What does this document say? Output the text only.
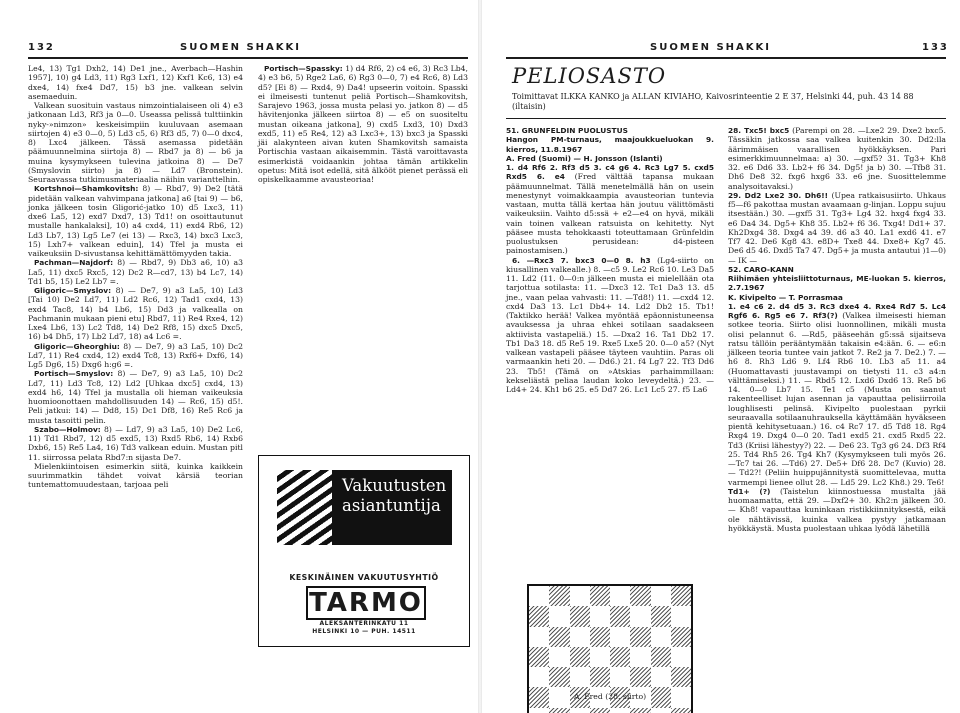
132	SUOMEN SHAKKI

Le4, 13) Tg1 Dxh2, 14) De1 jne., Averbach—Hashin 1957], 10) g4 Ld3, 11) Rg3 Lxf1, 12) Kxf1 Kc6, 13) e4 dxe4, 14) fxe4 Dd7, 15) b3 jne. valkean selvin asemaeduin.

Valkean suosituin vastaus nimzointialaiseen oli 4) e3 jatkonaan Ld3, Rf3 ja 0—0. Useassa pelissä tulttiinkin nyky-»nimzon» keskeisimpiin kuuluvaan asemaan siirtojen 4) e3 0—0, 5) Ld3 c5, 6) Rf3 d5, 7) 0—0 dxc4, 8) Lxc4 jälkeen. Tässä asemassa pidetään päämuunnelmina siirtoja 8) — Rbd7 ja 8) — b6 ja muina kysymykseen tulevina jatkoina 8) — De7 (Smyslovin siirto) ja 8) — Ld7 (Bronstein). Seuraavassa tutkimusmateriaalia näihin varianttelhin.

Kortshnoi—Shamkovitsh: 8) — Rbd7, 9) De2 [tätä pidetään valkean vahvimpana jatkona] a6 [tai 9) — b6, jonka jälkeen tosin Gligorić-jatko 10) d5 Lxc3, 11) dxe6 La5, 12) exd7 Dxd7, 13) Td1! on osoittautunut mustalle hankalaksi], 10) a4 cxd4, 11) exd4 Rb6, 12) Ld3 Lb7, 13) Lg5 Le7 (ei 13) — Rxc3, 14) bxc3 Lxc3, 15) Lxh7+ valkean eduin], 14) Tfel ja musta ei vaikeuksiin D-sivustansa kehittämättömyyden takia.

Pachman—Najdorf: 8) — Rbd7, 9) Db3 a6, 10) a3 La5, 11) dxc5 Rxc5, 12) Dc2 R—cd7, 13) b4 Lc7, 14) Td1 b5, 15) Le2 Lb7 =.

Gligoric—Smyslov: 8) — De7, 9) a3 La5, 10) Ld3 [Tai 10) De2 Ld7, 11) Ld2 Rc6, 12) Tad1 cxd4, 13) exd4 Tac8, 14) b4 Lb6, 15) Dd3 ja valkealla on Pachmanin mukaan pieni etu] Rbd7, 11) Re4 Rxe4, 12) Lxe4 Lb6, 13) Lc2 Td8, 14) De2 Rf8, 15) dxc5 Dxc5, 16) b4 Dh5, 17) Lb2 Ld7, 18) a4 Lc6 =.

Gligoric—Gheorghiu: 8) — De7, 9) a3 La5, 10) Dc2 Ld7, 11) Re4 cxd4, 12) exd4 Tc8, 13) Rxf6+ Dxf6, 14) Lg5 Dg6, 15) Dxg6 h:g6 =.

Portisch—Smyslov: 8) — De7, 9) a3 La5, 10) Dc2 Ld7, 11) Ld3 Tc8, 12) Ld2 [Uhkaa dxc5] cxd4, 13) exd4 h6, 14) Tfel ja mustalla oli hieman vaikeuksia huomioonottaen mahdollisuuden 14) — Rc6, 15) d5!. Peli jatkui: 14) — Dd8, 15) Dc1 Df8, 16) Re5 Rc6 ja musta tasoitti pelin.

Szabo—Holmov: 8) — Ld7, 9) a3 La5, 10) De2 Lc6, 11) Td1 Rbd7, 12) d5 exd5, 13) Rxd5 Rb6, 14) Rxb6 Dxb6, 15) Re5 La4, 16) Td3 valkean eduin. Mustan pitl 11. siirrossa pelata Rbd7:n sijasta De7.

Mielenkiintoisen esimerkin siitä, kuinka kaikkein suurimmatkin tähdet voivat kärsiä teorian tuntemattomuudestaan, tarjoaa peli

Portisch—Spassky: 1) d4 Rf6, 2) c4 e6, 3) Rc3 Lb4, 4) e3 b6, 5) Rge2 La6, 6) Rg3 0—0, 7) e4 Rc6, 8) Ld3 d5? [Ei 8) — Rxd4, 9) Da4! upseerin voitoin. Spasski ei ilmeisesti tuntenut peliä Portisch—Shamkovitsh, Sarajevo 1963, jossa musta pelasi yo. jatkon 8) — d5 hävitenjonka jälkeen siirtoa 8) — e5 on suositeltu mustan oikeana jatkona], 9) cxd5 Lxd3, 10) Dxd3 exd5, 11) e5 Re4, 12) a3 Lxc3+, 13) bxc3 ja Spasski jäi alakynteen aivan kuten Shamkovitsh samaista Portischia vastaan aikaisemmin. Tästä varoittavasta esimerkistä voidaankin johtaa tämän artikkelin opetus: Mitä isot edellä, sitä älkööt pienet perässä eli opiskelkaamme avausteoriaa!

Vakuutusten
asiantuntija
KESKINÄINEN VAKUUTUSYHTIÖ
TARMO
ALEKSANTERINKATU 11
HELSINKI 10 — PUH. 14511
SUOMEN SHAKKI	133
PELIOSASTO
Toimittavat ILKKA KANKO ja ALLAN KIVIAHO, Kaivosrinteentie 2 E 37, Helsinki 44, puh. 43 14 88 (iltaisin)

51. GRUNFELDIN PUOLUSTUS

Hangon PM-turnaus, maajoukkueluokan 9. kierros, 11.8.1967

A. Fred (Suomi) — H. Jonsson (Islanti)

1. d4 Rf6 2. Rf3 d5 3. c4 g6 4. Rc3 Lg7 5. cxd5 Rxd5 6. e4 (Fred välttää tapansa mukaan päämuunnelmat. Tällä menetelmällä hän on usein menestynyt voimakkaampia avausteorian tuntevia vastaan, mutta tällä kertaa hän joutuu välittömästi vaikeuksiin. Vaihto d5:ssä + e2—e4 on hyvä, mikäli vain toinen valkean ratsuista on kehitetty. Nyt pääsee musta tehokkaasti toteuttamaan Grünfeldin puolustuksen perusidean: d4-pisteen painostamisen.)

6. —Rxc3 7. bxc3 0—0 8. h3 (Lg4-siirto on kiusallinen valkealle.) 8. —c5 9. Le2 Rc6 10. Le3 Da5 11. Ld2 (11. 0—0:n jälkeen musta ei mielellään ota tarjottua sotilasta: 11. —Dxc3 12. Tc1 Da3 13. d5 jne., vaan pelaa vahvasti: 11. —Td8!) 11. —cxd4 12. cxd4 Da3 13. Lc1 Db4+ 14. Ld2 Db2 15. Tb1! (Taktikko herää! Valkea myöntää epäonnistuneensa avauksessa ja uhraa ehkei sotilaan saadakseen aktiivista vastapeliä.) 15. —Dxa2 16. Ta1 Db2 17. Tb1 Da3 18. d5 Re5 19. Rxe5 Lxe5 20. 0—0 a5? (Nyt valkean vastapeli pääsee täyteen vauhtiin. Paras oli varmaankin heti 20. — Dd6.) 21. f4 Lg7 22. Tf3 Dd6 23. Tb5! (Tämä on »Atskias parhaimmillaan: kekseliästä peliaa laudan koko leveydeltä.) 23. —Ld4+ 24. Kh1 b6 25. e5 Dd7 26. Lc1 Lc5 27. f5 La6

A. Fred (28. siirto)

28. Txc5! bxc5 (Parempi on 28. —Lxe2 29. Dxe2 bxc5. Tässäkin jatkossa saa valkea kuitenkin 30. Dd2:lla äärimmäisen vaarallisen hyökkäyksen. Pari esimerkkimuunnelmaa: a) 30. —gxf5? 31. Tg3+ Kh8 32. e6 Dd6 33. Lb2+ f6 34. Dg5! ja b) 30. —Tfb8 31. Dh6 De8 32. fxg6 hxg6 33. e6 jne. Suosittelemme analysoitavaksi.)

29. Dd2 Lxe2 30. Dh6!! (Upea ratkaisusiirto. Uhkaus f5—f6 pakottaa mustan avaamaan g-linjan. Loppu sujuu itsestään.) 30. —gxf5 31. Tg3+ Lg4 32. hxg4 fxg4 33. e6 Da4 34. Dg5+ Kh8 35. Lb2+ f6 36. Txg4! Dd1+ 37. Kh2Dxg4 38. Dxg4 a4 39. d6 a3 40. La1 exd6 41. e7 Tf7 42. De6 Kg8 43. e8D+ Txe8 44. Dxe8+ Kg7 45. De6 d5 46. Dxd5 Ta7 47. Dg5+ ja musta antautui )1—0) — IK —

52. CARO-KANN

Riihimäen yhteisliittoturnaus, ME-luokan 5. kierros, 2.7.1967

K. Kivipelto — T. Porrasmaa

1. e4 c6 2. d4 d5 3. Rc3 dxe4 4. Rxe4 Rd7 5. Lc4 Rgf6 6. Rg5 e6 7. Rf3(?) (Valkea ilmeisesti hieman sotkee teoria. Siirto olisi luonnollinen, mikäli musta olisi pelannut 6. —Rd5, pääseehän g5:ssä sijaitseva ratsu tällöin perääntymään takaisin e4:ään. 6. — e6:n jälkeen teoria tuntee vain jatkot 7. Re2 ja 7. De2.) 7. — h6 8. Rh3 Ld6 9. Lf4 Rb6 10. Lb3 a5 11. a4 (Huomattavasti juustavampi on tietysti 11. c3 a4:n välttämiseksi.) 11. — Rbd5 12. Lxd6 Dxd6 13. Re5 b6 14. 0—0 Lb7 15. Te1 c5 (Musta on saanut rakenteelliset lujan asennan ja vapauttaa pelisiirroila loughlisesti pelinsä. Kivipelto puolestaan pyrkii seuraavalla sotilaanuhrauksella käyttämään hyväkseen pientä kehitysetuaan.) 16. c4 Rc7 17. d5 Td8 18. Rg4 Rxg4 19. Dxg4 0—0 20. Tad1 exd5 21. cxd5 Rxd5 22. Td3 (Kriisi lähestyy?) 22. — De6 23. Tg3 g6 24. Df3 Rf4 25. Td4 Rh5 26. Tg4 Kh7 (Kysymykseen tuli myös 26. —Tc7 tai 26. —Td6) 27. De5+ Df6 28. Dc7 (Kuvio) 28. — Td2?! (Peliin huippujännitystä suomittelevaa, mutta varmempi lienee ollut 28. — Ld5 29. Lc2 Kh8.) 29. Te6!

Td1+ (?) (Taistelun kiinnostuessa mustalta jää huomaamatta, että 29. —Dxf2+ 30. Kh2:n jälkeen 30. — Kh8! vapauttaa kuninkaan ristikkiinnityksestä, eikä ole nähtävissä, kuinka valkea pystyy jatkamaan hyökkäystä. Musta puolestaan uhkaa lyödä lähetillä
